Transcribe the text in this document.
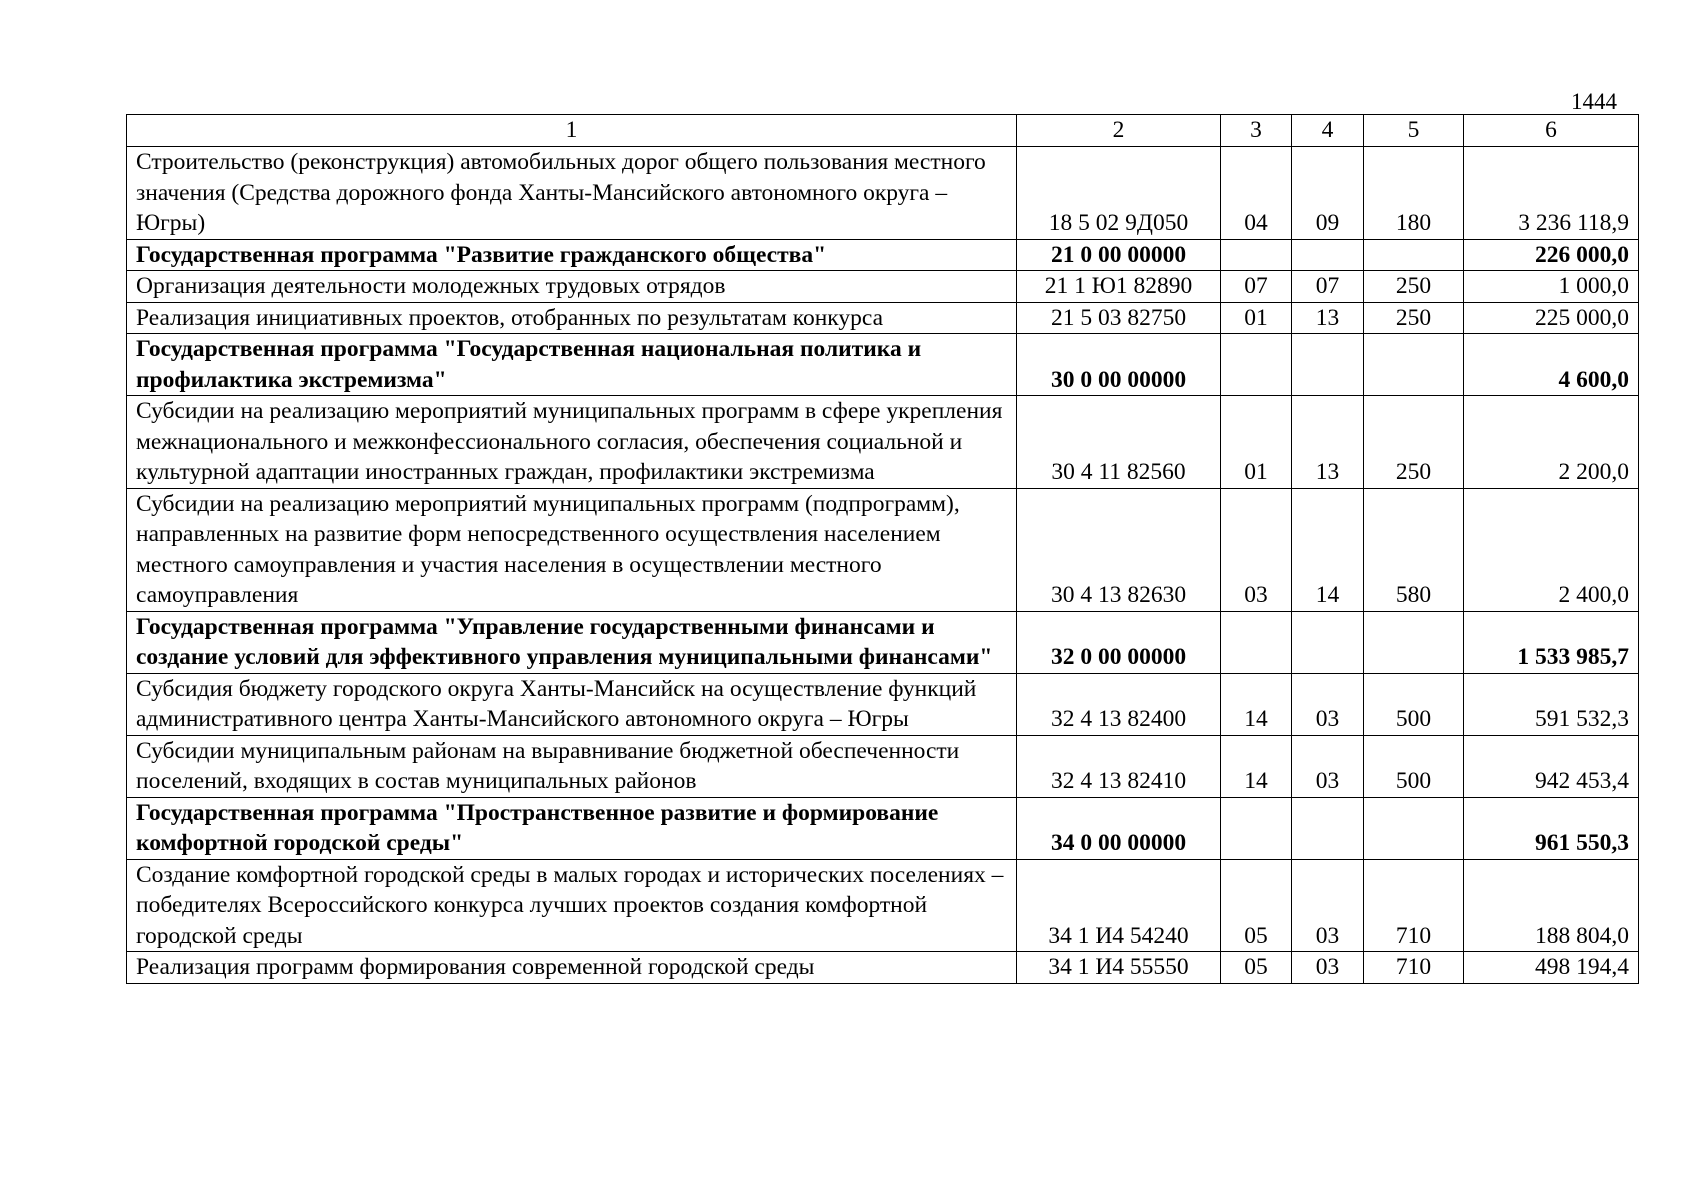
1444
1	2	3	4	5	6
Строительство (реконструкция) автомобильных дорог общего пользования местного значения (Средства дорожного фонда Ханты-Мансийского автономного округа – Югры)	18 5 02 9Д050	04	09	180	3 236 118,9
Государственная программа "Развитие гражданского общества"	21 0 00 00000				226 000,0
Организация деятельности молодежных трудовых отрядов	21 1 Ю1 82890	07	07	250	1 000,0
Реализация инициативных проектов, отобранных по результатам конкурса	21 5 03 82750	01	13	250	225 000,0
Государственная программа "Государственная национальная политика и профилактика экстремизма"	30 0 00 00000				4 600,0
Субсидии на реализацию мероприятий муниципальных программ в сфере укрепления межнационального и межконфессионального согласия, обеспечения социальной и культурной адаптации иностранных граждан, профилактики экстремизма	30 4 11 82560	01	13	250	2 200,0
Субсидии на реализацию мероприятий муниципальных программ (подпрограмм), направленных на развитие форм непосредственного осуществления населением местного самоуправления и участия населения в осуществлении местного самоуправления	30 4 13 82630	03	14	580	2 400,0
Государственная программа "Управление государственными финансами и создание условий для эффективного управления муниципальными финансами"	32 0 00 00000				1 533 985,7
Субсидия бюджету городского округа Ханты-Мансийск на осуществление функций административного центра Ханты-Мансийского автономного округа – Югры	32 4 13 82400	14	03	500	591 532,3
Субсидии муниципальным районам на выравнивание бюджетной обеспеченности поселений, входящих в состав муниципальных районов	32 4 13 82410	14	03	500	942 453,4
Государственная программа "Пространственное развитие и формирование комфортной городской среды"	34 0 00 00000				961 550,3
Создание комфортной городской среды в малых городах и исторических поселениях – победителях Всероссийского конкурса лучших проектов создания комфортной городской среды	34 1 И4 54240	05	03	710	188 804,0
Реализация программ формирования современной городской среды	34 1 И4 55550	05	03	710	498 194,4
